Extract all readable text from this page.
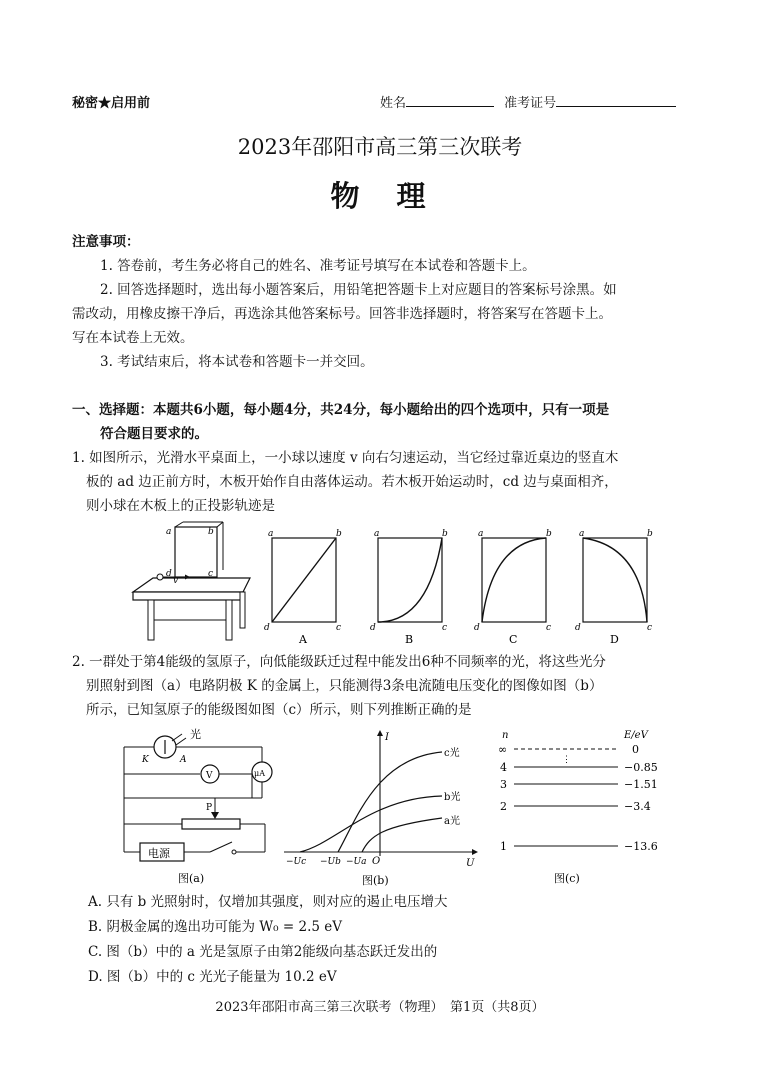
秘密★启用前	姓名	准考证号
2023年邵阳市高三第三次联考
物　理
注意事项：
1. 答卷前，考生务必将自己的姓名、准考证号填写在本试卷和答题卡上。
2. 回答选择题时，选出每小题答案后，用铅笔把答题卡上对应题目的答案标号涂黑。如
需改动，用橡皮擦干净后，再选涂其他答案标号。回答非选择题时，将答案写在答题卡上。
写在本试卷上无效。
3. 考试结束后，将本试卷和答题卡一并交回。
一、选择题：本题共6小题，每小题4分，共24分，每小题给出的四个选项中，只有一项是
符合题目要求的。
1. 如图所示，光滑水平桌面上，一小球以速度 v 向右匀速运动，当它经过靠近桌边的竖直木
板的 ad 边正前方时，木板开始作自由落体运动。若木板开始运动时，cd 边与桌面相齐，
则小球在木板上的正投影轨迹是
v
a	b
d	c
a	b
d	c
A
a	b
d	c
B
a	b
d	c
C
a	b
d	c
D
2. 一群处于第4能级的氢原子，向低能级跃迁过程中能发出6种不同频率的光，将这些光分
别照射到图（a）电路阴极 K 的金属上，只能测得3条电流随电压变化的图像如图（b）
所示，已知氢原子的能级图如图（c）所示，则下列推断正确的是
光
K	A
μA
V
P
电源
图(a)
I
U
O
c光
b光
a光
−Uc −Ub −Ua
图(b)
n	E/eV
∞	0
⋮
4	−0.85
3	−1.51
2	−3.4
1	−13.6
图(c)
A. 只有 b 光照射时，仅增加其强度，则对应的遏止电压增大
B. 阴极金属的逸出功可能为 W₀ = 2.5 eV
C. 图（b）中的 a 光是氢原子由第2能级向基态跃迁发出的
D. 图（b）中的 c 光光子能量为 10.2 eV
2023年邵阳市高三第三次联考（物理）　第1页（共8页）
